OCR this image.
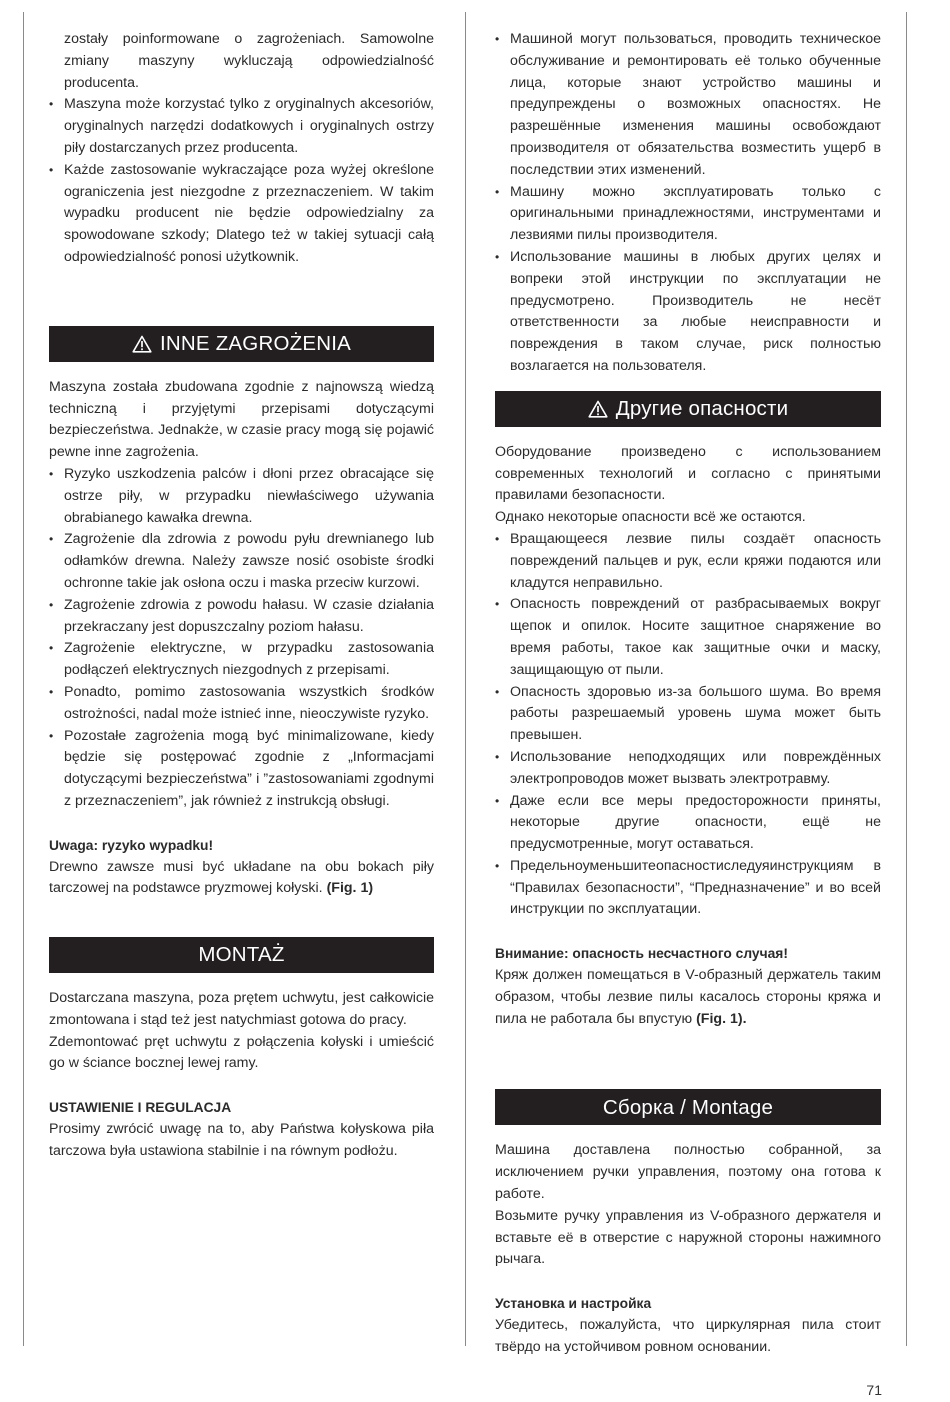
zostały poinformowane o zagrożeniach. Samowolne zmiany maszyny wykluczają odpowiedzialność producenta.

• Maszyna może korzystać tylko z oryginalnych akcesoriów, oryginalnych narzędzi dodatkowych i oryginalnych ostrzy piły dostarczanych przez producenta.
• Każde zastosowanie wykraczające poza wyżej określone ograniczenia jest niezgodne z przeznaczeniem. W takim wypadku producent nie będzie odpowiedzialny za spowodowane szkody; Dlatego też w takiej sytuacji całą odpowiedzialność ponosi użytkownik.
INNE ZAGROŻENIA

Maszyna została zbudowana zgodnie z najnowszą wiedzą techniczną i przyjętymi przepisami dotyczącymi bezpieczeństwa. Jednakże, w czasie pracy mogą się pojawić pewne inne zagrożenia.

• Ryzyko uszkodzenia palców i dłoni przez obracające się ostrze piły, w przypadku niewłaściwego używania obrabianego kawałka drewna.
• Zagrożenie dla zdrowia z powodu pyłu drewnianego lub odłamków drewna. Należy zawsze nosić osobiste środki ochronne takie jak osłona oczu i maska przeciw kurzowi.
• Zagrożenie zdrowia z powodu hałasu. W czasie działania przekraczany jest dopuszczalny poziom hałasu.
• Zagrożenie elektryczne, w przypadku zastosowania podłączeń elektrycznych niezgodnych z przepisami.
• Ponadto, pomimo zastosowania wszystkich środków ostrożności, nadal może istnieć inne, nieoczywiste ryzyko.
• Pozostałe zagrożenia mogą być minimalizowane, kiedy będzie się postępować zgodnie z „Informacjami dotyczącymi bezpieczeństwa” i ”zastosowaniami zgodnymi z przeznaczeniem”, jak również z instrukcją obsługi.

Uwaga: ryzyko wypadku!

Drewno zawsze musi być układane na obu bokach piły tarczowej na podstawce pryzmowej kołyski. (Fig. 1)

MONTAŻ

Dostarczana maszyna, poza prętem uchwytu, jest całkowicie zmontowana i stąd też jest natychmiast gotowa do pracy.

Zdemontować pręt uchwytu z połączenia kołyski i umieścić go w ściance bocznej lewej ramy.

USTAWIENIE I REGULACJA

Prosimy zwrócić uwagę na to, aby Państwa kołyskowa piła tarczowa była ustawiona stabilnie i na równym podłożu.

• Машиной могут пользоваться, проводить техническое обслуживание и ремонтировать её только обученные лица, которые знают устройство машины и предупреждены о возможных опасностях. Не разрешённые изменения машины освобождают производителя от обязательства возместить ущерб в последствии этих изменений.
• Машину можно эксплуатировать только с оригинальными принадлежностями, инструментами и лезвиями пилы производителя.
• Использование машины в любых других целях и вопреки этой инструкции по эксплуатации не предусмотрено. Производитель не несёт ответственности за любые неисправности и повреждения в таком случае, риск полностью возлагается на пользователя.
Другие опасности

Оборудование произведено с использованием современных технологий и согласно с принятыми правилами безопасности.

Однако некоторые опасности всё же остаются.

• Вращающееся лезвие пилы создаёт опасность повреждений пальцев и рук, если кряжи подаются или кладутся неправильно.
• Опасность повреждений от разбрасываемых вокруг щепок и опилок. Носите защитное снаряжение во время работы, такое как защитные очки и маску, защищающую от пыли.
• Опасность здоровью из-за большого шума. Во время работы разрешаемый уровень шума может быть превышен.
• Использование неподходящих или повреждённых электропроводов может вызвать электротравму.
• Даже если все меры предосторожности приняты, некоторые другие опасности, ещё не предусмотренные, могут оставаться.
• Предельноуменьшитеопасностиследуяинструкциям в “Правилах безопасности”, “Предназначение” и во всей инструкции по эксплуатации.

Внимание: опасность несчастного случая!

Кряж должен помещаться в V-образный держатель таким образом, чтобы лезвие пилы касалось стороны кряжа и пила не работала бы впустую (Fig. 1).

Сборка / Montage

Машина доставлена полностью собранной, за исключением ручки управления, поэтому она готова к работе.

Возьмите ручку управления из V-образного держателя и вставьте её в отверстие с наружной стороны нажимного рычага.

Установка и настройка

Убедитесь, пожалуйста, что циркулярная пила стоит твёрдо на устойчивом ровном основании.

71
